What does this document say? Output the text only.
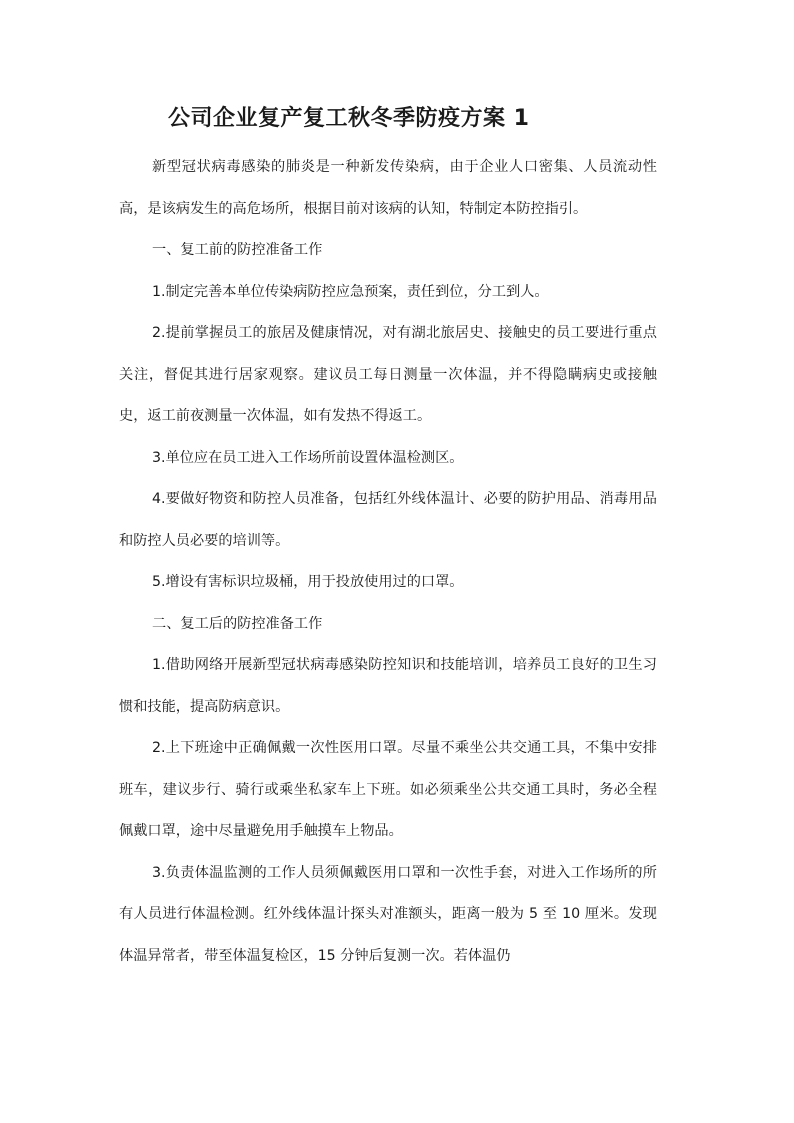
公司企业复产复工秋冬季防疫方案 1

新型冠状病毒感染的肺炎是一种新发传染病，由于企业人口密集、人员流动性高，是该病发生的高危场所，根据目前对该病的认知，特制定本防控指引。

一、复工前的防控准备工作

1.制定完善本单位传染病防控应急预案，责任到位，分工到人。

2.提前掌握员工的旅居及健康情况，对有湖北旅居史、接触史的员工要进行重点关注，督促其进行居家观察。建议员工每日测量一次体温，并不得隐瞒病史或接触史，返工前夜测量一次体温，如有发热不得返工。

3.单位应在员工进入工作场所前设置体温检测区。

4.要做好物资和防控人员准备，包括红外线体温计、必要的防护用品、消毒用品和防控人员必要的培训等。

5.增设有害标识垃圾桶，用于投放使用过的口罩。

二、复工后的防控准备工作

1.借助网络开展新型冠状病毒感染防控知识和技能培训，培养员工良好的卫生习惯和技能，提高防病意识。

2.上下班途中正确佩戴一次性医用口罩。尽量不乘坐公共交通工具，不集中安排班车，建议步行、骑行或乘坐私家车上下班。如必须乘坐公共交通工具时，务必全程佩戴口罩，途中尽量避免用手触摸车上物品。

3.负责体温监测的工作人员须佩戴医用口罩和一次性手套，对进入工作场所的所有人员进行体温检测。红外线体温计探头对准额头，距离一般为 5 至 10 厘米。发现体温异常者，带至体温复检区，15 分钟后复测一次。若体温仍
